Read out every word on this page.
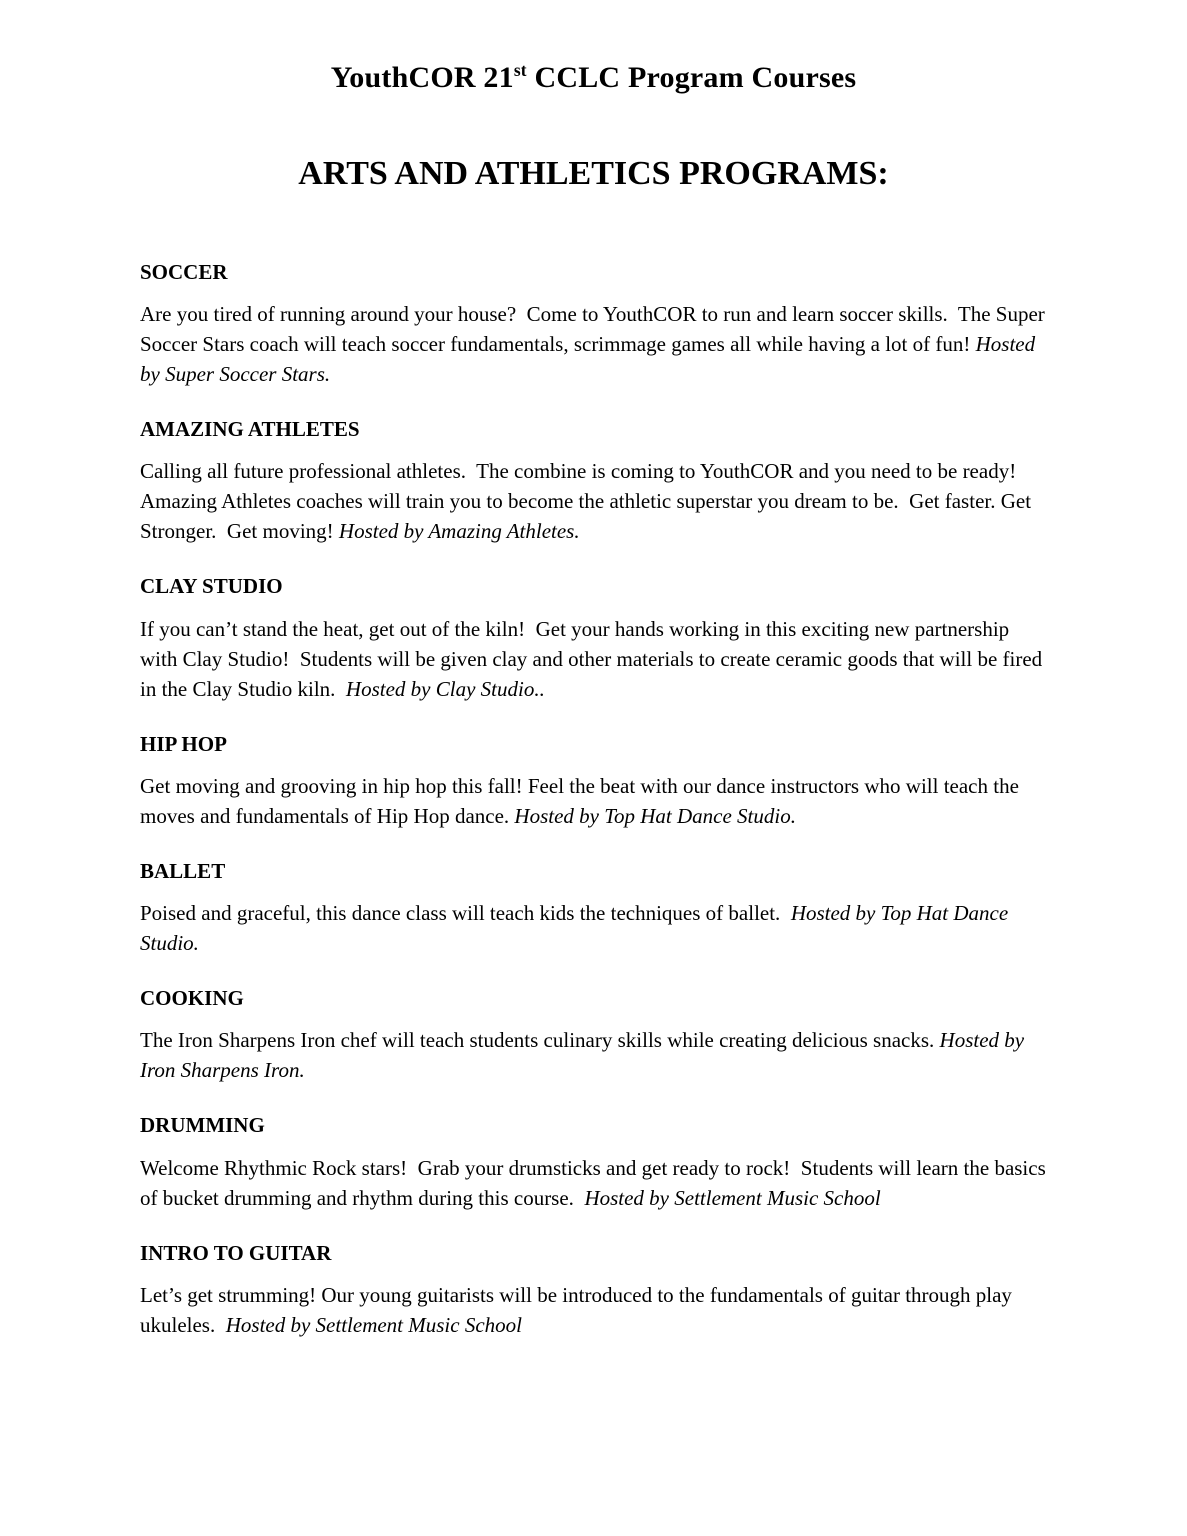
YouthCOR 21st CCLC Program Courses
ARTS AND ATHLETICS PROGRAMS:
SOCCER

Are you tired of running around your house?  Come to YouthCOR to run and learn soccer skills.  The Super Soccer Stars coach will teach soccer fundamentals, scrimmage games all while having a lot of fun! Hosted by Super Soccer Stars.

AMAZING ATHLETES

Calling all future professional athletes.  The combine is coming to YouthCOR and you need to be ready! Amazing Athletes coaches will train you to become the athletic superstar you dream to be.  Get faster. Get Stronger.  Get moving! Hosted by Amazing Athletes.

CLAY STUDIO

If you can’t stand the heat, get out of the kiln!  Get your hands working in this exciting new partnership with Clay Studio!  Students will be given clay and other materials to create ceramic goods that will be fired in the Clay Studio kiln.  Hosted by Clay Studio..

HIP HOP

Get moving and grooving in hip hop this fall! Feel the beat with our dance instructors who will teach the moves and fundamentals of Hip Hop dance. Hosted by Top Hat Dance Studio.

BALLET

Poised and graceful, this dance class will teach kids the techniques of ballet.  Hosted by Top Hat Dance Studio.

COOKING

The Iron Sharpens Iron chef will teach students culinary skills while creating delicious snacks. Hosted by Iron Sharpens Iron.

DRUMMING

Welcome Rhythmic Rock stars!  Grab your drumsticks and get ready to rock!  Students will learn the basics of bucket drumming and rhythm during this course.  Hosted by Settlement Music School

INTRO TO GUITAR

Let’s get strumming! Our young guitarists will be introduced to the fundamentals of guitar through play ukuleles.  Hosted by Settlement Music School
